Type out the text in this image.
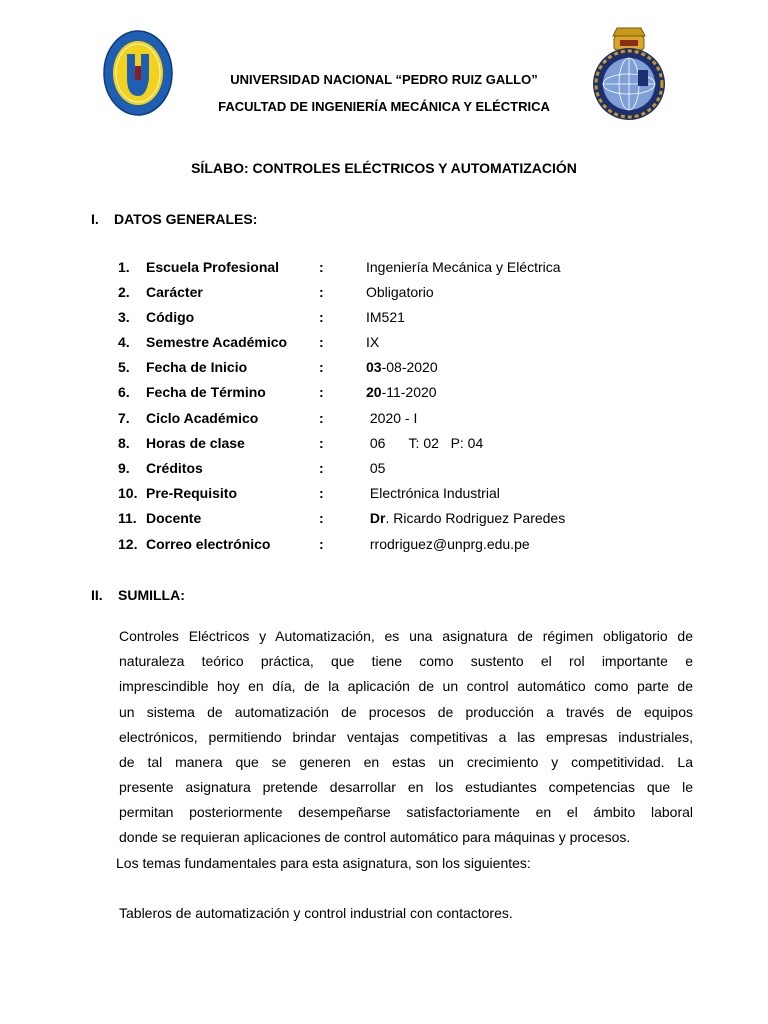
UNIVERSIDAD NACIONAL “PEDRO RUIZ GALLO”
FACULTAD DE INGENIERÍA MECÁNICA Y ELÉCTRICA
SÍLABO: CONTROLES ELÉCTRICOS Y AUTOMATIZACIÓN
I. DATOS GENERALES:
1. Escuela Profesional	:	Ingeniería Mecánica y Eléctrica
2. Carácter	:	Obligatorio
3. Código	:	IM521
4. Semestre Académico :	IX
5. Fecha de Inicio	:	03-08-2020
6. Fecha de Término	:	20-11-2020
7. Ciclo Académico	:	2020 - I
8. Horas de clase	:	06      T: 02   P: 04
9. Créditos	:	05
10. Pre-Requisito	:	Electrónica Industrial
11. Docente	:	Dr. Ricardo Rodriguez Paredes
12. Correo electrónico	:	rrodriguez@unprg.edu.pe
II. SUMILLA:
Controles Eléctricos y Automatización, es una asignatura de régimen obligatorio de
naturaleza teórico práctica, que tiene como sustento el rol importante e
imprescindible hoy en día, de la aplicación de un control automático como parte de
un sistema de automatización de procesos de producción a través de equipos
electrónicos, permitiendo brindar ventajas competitivas a las empresas industriales,
de tal manera que se generen en estas un crecimiento y competitividad. La
presente asignatura pretende desarrollar en los estudiantes competencias que le
permitan posteriormente desempeñarse satisfactoriamente en el ámbito laboral
donde se requieran aplicaciones de control automático para máquinas y procesos.
Los temas fundamentales para esta asignatura, son los siguientes:
Tableros de automatización y control industrial con contactores.
